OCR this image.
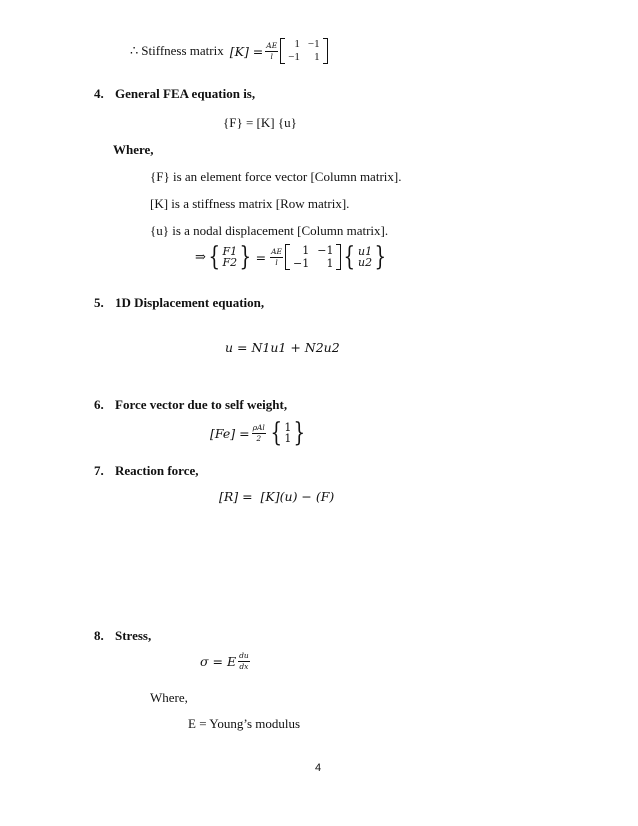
∴ Stiffness matrix $[K] = \frac{AE}{l} 1$	−1
−1	1
4. General FEA equation is,
{F} = [K] {u}
Where,
{F} is an element force vector [Column matrix].
[K] is a stiffness matrix [Row matrix].
{u} is a nodal displacement [Column matrix].
⇒ { F1
F2 } = $\frac{AE}{l} 1$	−1
−1	1 { u1
u2 }
5. 1D Displacement equation,
u = N1u1 + N2u2
6. Force vector due to self weight,
$[Fe] = \frac{\text{ρAl}}{2}$ { 1
1 }
7. Reaction force,
[R] =  [K](u) − (F)
8. Stress,
σ = E $\frac{du}{dx}$
Where,
E = Young’s modulus
4
